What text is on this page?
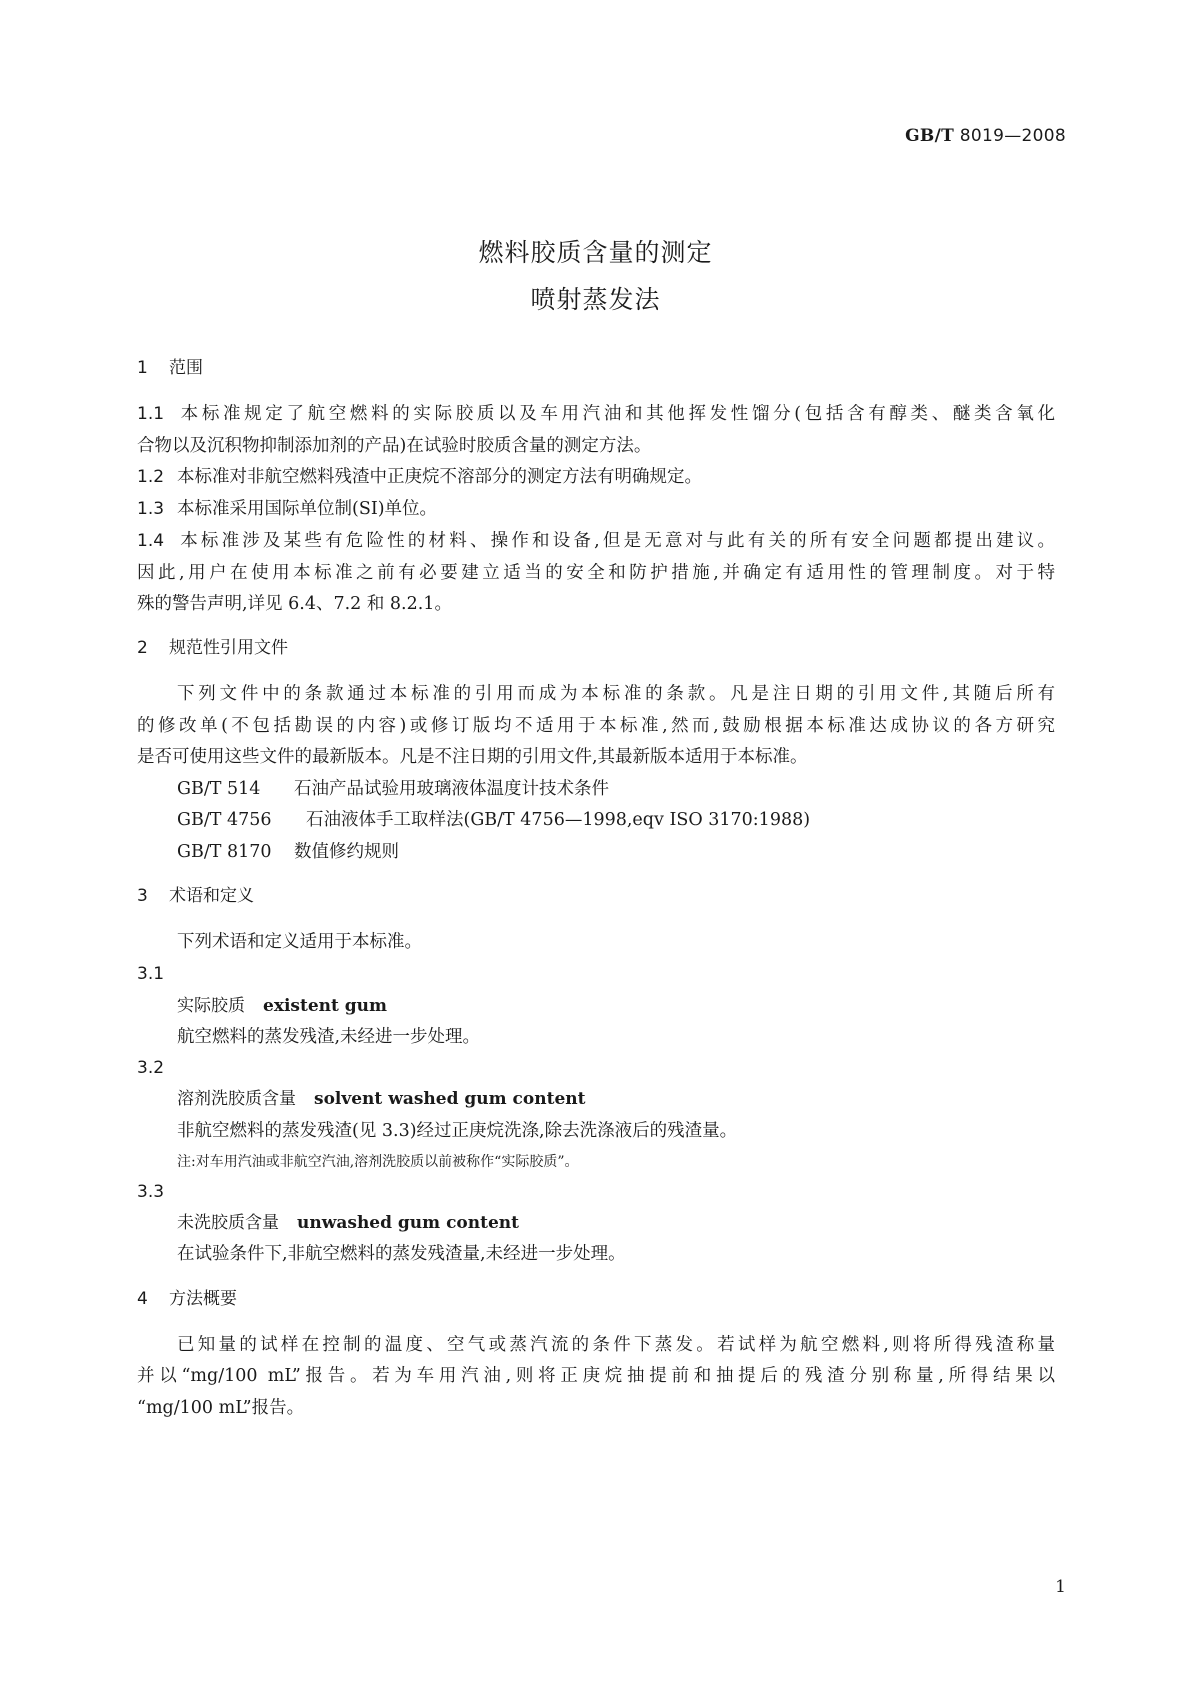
GB/T 8019—2008
燃料胶质含量的测定
喷射蒸发法
1 范围
1.1 本标准规定了航空燃料的实际胶质以及车用汽油和其他挥发性馏分(包括含有醇类、醚类含氧化
合物以及沉积物抑制添加剂的产品)在试验时胶质含量的测定方法。
1.2 本标准对非航空燃料残渣中正庚烷不溶部分的测定方法有明确规定。
1.3 本标准采用国际单位制(SI)单位。
1.4 本标准涉及某些有危险性的材料、操作和设备,但是无意对与此有关的所有安全问题都提出建议。
因此,用户在使用本标准之前有必要建立适当的安全和防护措施,并确定有适用性的管理制度。对于特
殊的警告声明,详见 6.4、7.2 和 8.2.1。
2 规范性引用文件
下列文件中的条款通过本标准的引用而成为本标准的条款。凡是注日期的引用文件,其随后所有
的修改单(不包括勘误的内容)或修订版均不适用于本标准,然而,鼓励根据本标准达成协议的各方研究
是否可使用这些文件的最新版本。凡是不注日期的引用文件,其最新版本适用于本标准。
GB/T 514 石油产品试验用玻璃液体温度计技术条件
GB/T 4756 石油液体手工取样法(GB/T 4756—1998,eqv ISO 3170:1988)
GB/T 8170 数值修约规则
3 术语和定义
下列术语和定义适用于本标准。
3.1
实际胶质 existent gum
航空燃料的蒸发残渣,未经进一步处理。
3.2
溶剂洗胶质含量 solvent washed gum content
非航空燃料的蒸发残渣(见 3.3)经过正庚烷洗涤,除去洗涤液后的残渣量。
注:对车用汽油或非航空汽油,溶剂洗胶质以前被称作“实际胶质”。
3.3
未洗胶质含量 unwashed gum content
在试验条件下,非航空燃料的蒸发残渣量,未经进一步处理。
4 方法概要
已知量的试样在控制的温度、空气或蒸汽流的条件下蒸发。若试样为航空燃料,则将所得残渣称量
并以“mg/100 mL”报告。若为车用汽油,则将正庚烷抽提前和抽提后的残渣分别称量,所得结果以
“mg/100 mL”报告。
1
